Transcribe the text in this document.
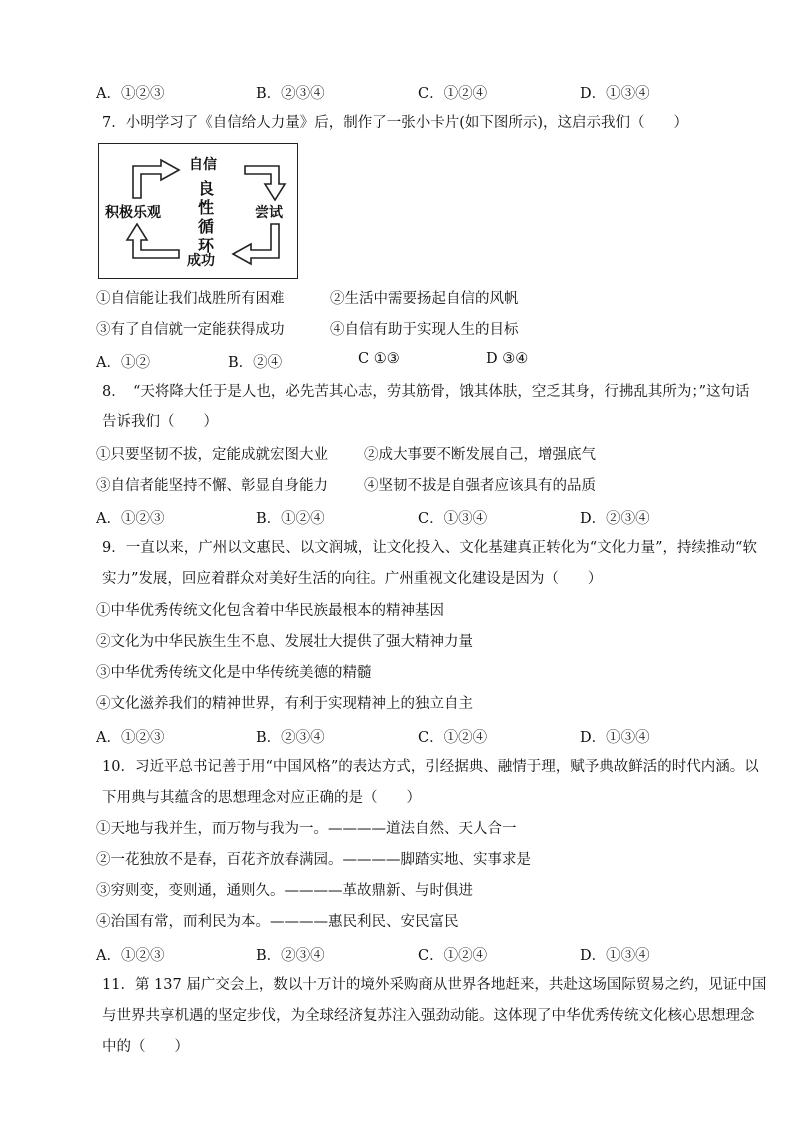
A．①②③	B．②③④	C．①②④	D．①③④
7．小明学习了《自信给人力量》后，制作了一张小卡片(如下图所示)，这启示我们（　　）
自信
尝试
成功
积极乐观
良
性
循
环
①自信能让我们战胜所有困难	②生活中需要扬起自信的风帆
③有了自信就一定能获得成功	④自信有助于实现人生的目标
A．①②	B．②④	C ①③	D ③④
8．　“天将降大任于是人也，必先苦其心志，劳其筋骨，饿其体肤，空乏其身，行拂乱其所为；”这句话
告诉我们（　　）
①只要坚韧不拔，定能成就宏图大业 ②成大事要不断发展自己，增强底气
③自信者能坚持不懈、彰显自身能力 ④坚韧不拔是自强者应该具有的品质
A．①②③	B．①②④	C．①③④	D．②③④
9．一直以来，广州以文惠民、以文润城，让文化投入、文化基建真正转化为“文化力量”，持续推动“软
实力”发展，回应着群众对美好生活的向往。广州重视文化建设是因为（　　）
①中华优秀传统文化包含着中华民族最根本的精神基因
②文化为中华民族生生不息、发展壮大提供了强大精神力量
③中华优秀传统文化是中华传统美德的精髓
④文化滋养我们的精神世界，有利于实现精神上的独立自主
A．①②③	B．②③④	C．①②④	D．①③④
10．习近平总书记善于用“中国风格”的表达方式，引经据典、融情于理，赋予典故鲜活的时代内涵。以
下用典与其蕴含的思想理念对应正确的是（　　）
①天地与我并生，而万物与我为一。————道法自然、天人合一
②一花独放不是春，百花齐放春满园。————脚踏实地、实事求是
③穷则变，变则通，通则久。————革故鼎新、与时俱进
④治国有常，而利民为本。————惠民利民、安民富民
A．①②③	B．②③④	C．①②④	D．①③④
11．第 137 届广交会上，数以十万计的境外采购商从世界各地赶来，共赴这场国际贸易之约，见证中国
与世界共享机遇的坚定步伐，为全球经济复苏注入强劲动能。这体现了中华优秀传统文化核心思想理念
中的（　　）
